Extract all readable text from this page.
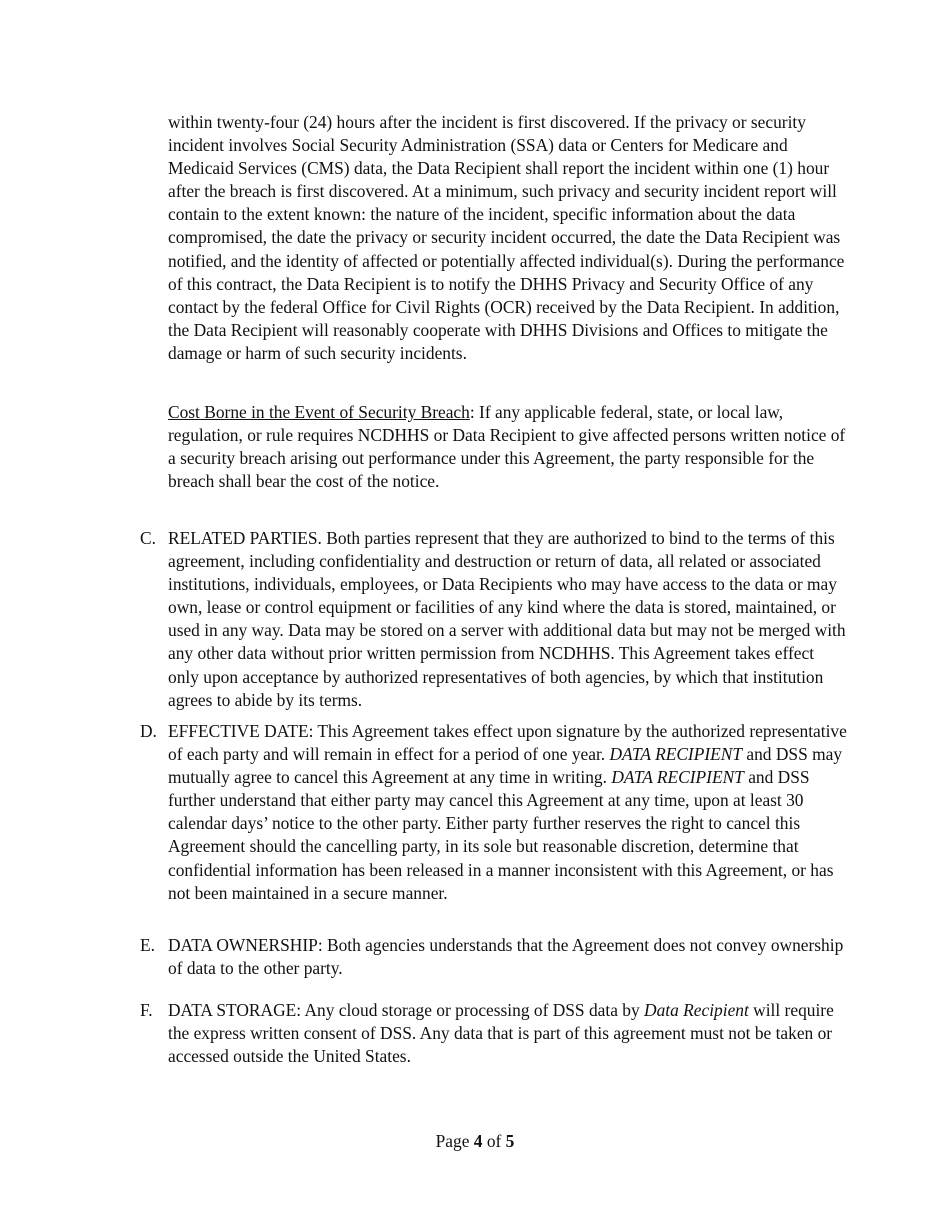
within twenty-four (24) hours after the incident is first discovered. If the privacy or security incident involves Social Security Administration (SSA) data or Centers for Medicare and Medicaid Services (CMS) data, the Data Recipient shall report the incident within one (1) hour after the breach is first discovered. At a minimum, such privacy and security incident report will contain to the extent known: the nature of the incident, specific information about the data compromised, the date the privacy or security incident occurred, the date the Data Recipient was notified, and the identity of affected or potentially affected individual(s). During the performance of this contract, the Data Recipient is to notify the DHHS Privacy and Security Office of any contact by the federal Office for Civil Rights (OCR) received by the Data Recipient. In addition, the Data Recipient will reasonably cooperate with DHHS Divisions and Offices to mitigate the damage or harm of such security incidents.

Cost Borne in the Event of Security Breach: If any applicable federal, state, or local law, regulation, or rule requires NCDHHS or Data Recipient to give affected persons written notice of a security breach arising out performance under this Agreement, the party responsible for the breach shall bear the cost of the notice.

C. RELATED PARTIES. Both parties represent that they are authorized to bind to the terms of this agreement, including confidentiality and destruction or return of data, all related or associated institutions, individuals, employees, or Data Recipients who may have access to the data or may own, lease or control equipment or facilities of any kind where the data is stored, maintained, or used in any way. Data may be stored on a server with additional data but may not be merged with any other data without prior written permission from NCDHHS. This Agreement takes effect only upon acceptance by authorized representatives of both agencies, by which that institution agrees to abide by its terms.
D. EFFECTIVE DATE: This Agreement takes effect upon signature by the authorized representative of each party and will remain in effect for a period of one year. DATA RECIPIENT and DSS may mutually agree to cancel this Agreement at any time in writing. DATA RECIPIENT and DSS further understand that either party may cancel this Agreement at any time, upon at least 30 calendar days’ notice to the other party. Either party further reserves the right to cancel this Agreement should the cancelling party, in its sole but reasonable discretion, determine that confidential information has been released in a manner inconsistent with this Agreement, or has not been maintained in a secure manner.
E. DATA OWNERSHIP: Both agencies understands that the Agreement does not convey ownership of data to the other party.
F. DATA STORAGE: Any cloud storage or processing of DSS data by Data Recipient will require the express written consent of DSS. Any data that is part of this agreement must not be taken or accessed outside the United States.
Page 4 of 5
